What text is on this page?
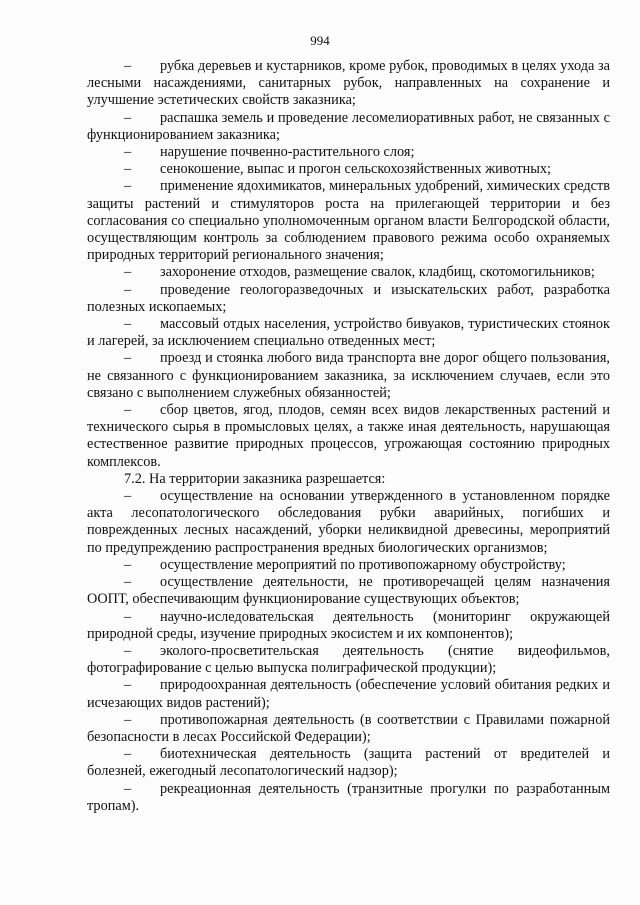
994

– рубка деревьев и кустарников, кроме рубок, проводимых в целях ухода за лесными насаждениями, санитарных рубок, направленных на сохранение и улучшение эстетических свойств заказника;

– распашка земель и проведение лесомелиоративных работ, не связанных с функционированием заказника;

– нарушение почвенно-растительного слоя;

– сенокошение, выпас и прогон сельскохозяйственных животных;

– применение ядохимикатов, минеральных удобрений, химических средств защиты растений и стимуляторов роста на прилегающей территории и без согласования со специально уполномоченным органом власти Белгородской области, осуществляющим контроль за соблюдением правового режима особо охраняемых природных территорий регионального значения;

– захоронение отходов, размещение свалок, кладбищ, скотомогильников;

– проведение геологоразведочных и изыскательских работ, разработка полезных ископаемых;

– массовый отдых населения, устройство бивуаков, туристических стоянок и лагерей, за исключением специально отведенных мест;

– проезд и стоянка любого вида транспорта вне дорог общего пользования, не связанного с функционированием заказника, за исключением случаев, если это связано с выполнением служебных обязанностей;

– сбор цветов, ягод, плодов, семян всех видов лекарственных растений и технического сырья в промысловых целях, а также иная деятельность, нарушающая естественное развитие природных процессов, угрожающая состоянию природных комплексов.

7.2. На территории заказника разрешается:

– осуществление на основании утвержденного в установленном порядке акта лесопатологического обследования рубки аварийных, погибших и поврежденных лесных насаждений, уборки неликвидной древесины, мероприятий по предупреждению распространения вредных биологических организмов;

– осуществление мероприятий по противопожарному обустройству;

– осуществление деятельности, не противоречащей целям назначения ООПТ, обеспечивающим функционирование существующих объектов;

– научно-иследовательская деятельность (мониторинг окружающей природной среды, изучение природных экосистем и их компонентов);

– эколого-просветительская деятельность (снятие видеофильмов, фотографирование с целью выпуска полиграфической продукции);

– природоохранная деятельность (обеспечение условий обитания редких и исчезающих видов растений);

– противопожарная деятельность (в соответствии с Правилами пожарной безопасности в лесах Российской Федерации);

– биотехническая деятельность (защита растений от вредителей и болезней, ежегодный лесопатологический надзор);

– рекреационная деятельность (транзитные прогулки по разработанным тропам).
